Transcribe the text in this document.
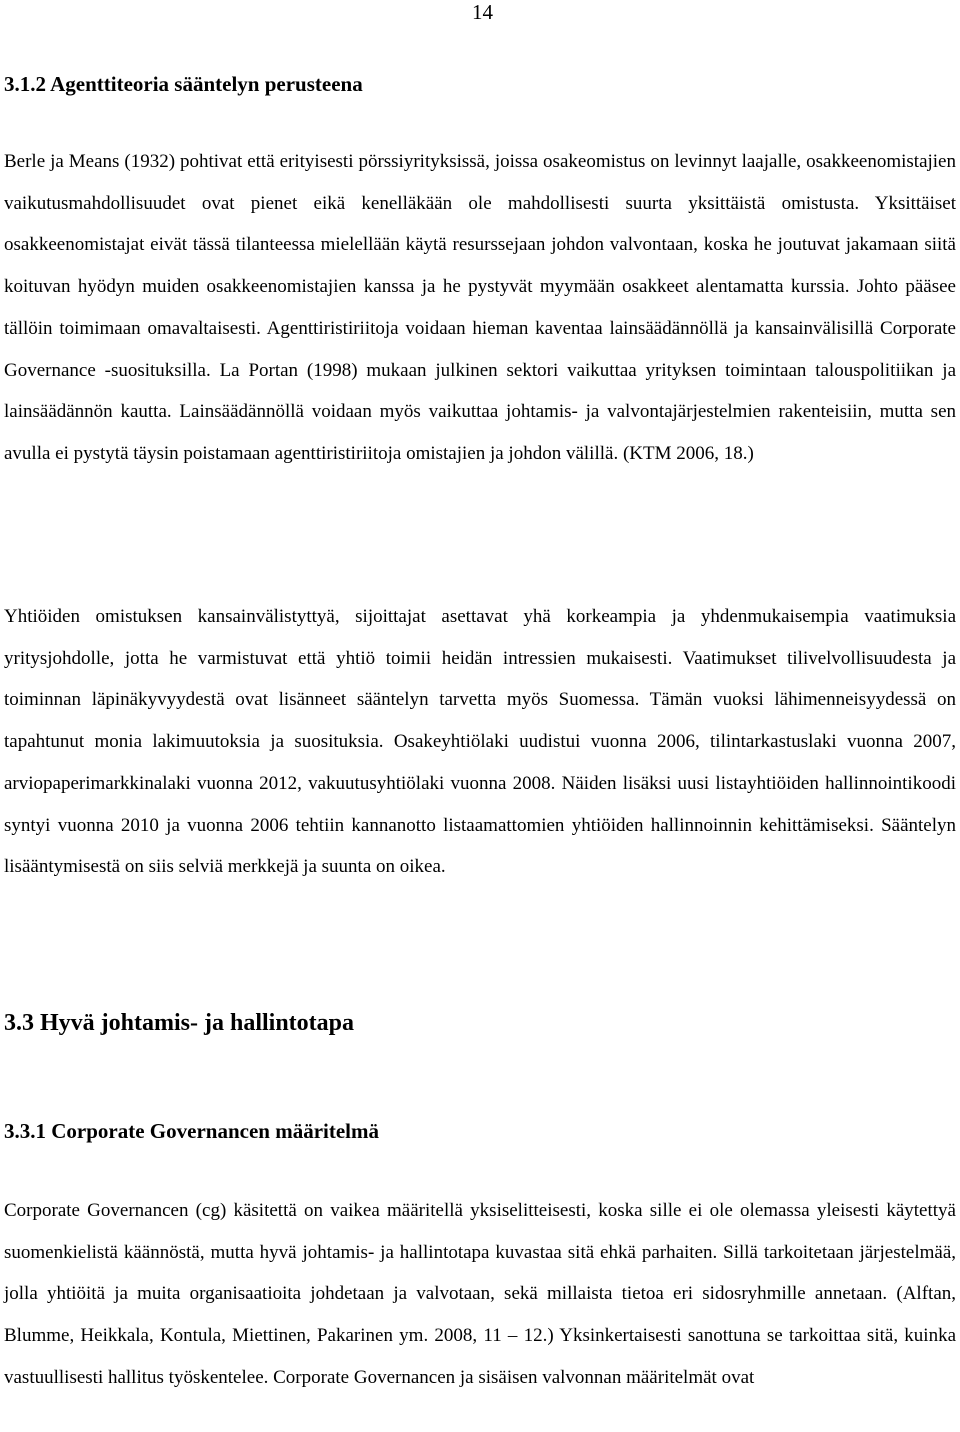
14
3.1.2 Agenttiteoria sääntelyn perusteena

Berle ja Means (1932) pohtivat että erityisesti pörssiyrityksissä, joissa osakeomistus on levinnyt laajalle, osakkeenomistajien vaikutusmahdollisuudet ovat pienet eikä kenelläkään ole mahdollisesti suurta yksittäistä omistusta. Yksittäiset osakkeenomistajat eivät tässä tilanteessa mielellään käytä resurssejaan johdon valvontaan, koska he joutuvat jakamaan siitä koituvan hyödyn muiden osakkeenomistajien kanssa ja he pystyvät myymään osakkeet alentamatta kurssia. Johto pääsee tällöin toimimaan omavaltaisesti. Agenttiristiriitoja voidaan hieman kaventaa lainsäädännöllä ja kansainvälisillä Corporate Governance -suosituksilla. La Portan (1998) mukaan julkinen sektori vaikuttaa yrityksen toimintaan talouspolitiikan ja lainsäädännön kautta. Lainsäädännöllä voidaan myös vaikuttaa johtamis- ja valvontajärjestelmien rakenteisiin, mutta sen avulla ei pystytä täysin poistamaan agenttiristiriitoja omistajien ja johdon välillä. (KTM 2006, 18.)

Yhtiöiden omistuksen kansainvälistyttyä, sijoittajat asettavat yhä korkeampia ja yhdenmukaisempia vaatimuksia yritysjohdolle, jotta he varmistuvat että yhtiö toimii heidän intressien mukaisesti. Vaatimukset tilivelvollisuudesta ja toiminnan läpinäkyvyydestä ovat lisänneet sääntelyn tarvetta myös Suomessa. Tämän vuoksi lähimenneisyydessä on tapahtunut monia lakimuutoksia ja suosituksia. Osakeyhtiölaki uudistui vuonna 2006, tilintarkastuslaki vuonna 2007, arviopaperimarkkinalaki vuonna 2012, vakuutusyhtiölaki vuonna 2008. Näiden lisäksi uusi listayhtiöiden hallinnointikoodi syntyi vuonna 2010 ja vuonna 2006 tehtiin kannanotto listaamattomien yhtiöiden hallinnoinnin kehittämiseksi. Sääntelyn lisääntymisestä on siis selviä merkkejä ja suunta on oikea.

3.3 Hyvä johtamis- ja hallintotapa
3.3.1 Corporate Governancen määritelmä

Corporate Governancen (cg) käsitettä on vaikea määritellä yksiselitteisesti, koska sille ei ole olemassa yleisesti käytettyä suomenkielistä käännöstä, mutta hyvä johtamis- ja hallintotapa kuvastaa sitä ehkä parhaiten. Sillä tarkoitetaan järjestelmää, jolla yhtiöitä ja muita organisaatioita johdetaan ja valvotaan, sekä millaista tietoa eri sidosryhmille annetaan. (Alftan, Blumme, Heikkala, Kontula, Miettinen, Pakarinen ym. 2008, 11 – 12.) Yksinkertaisesti sanottuna se tarkoittaa sitä, kuinka vastuullisesti hallitus työskentelee. Corporate Governancen ja sisäisen valvonnan määritelmät ovat
